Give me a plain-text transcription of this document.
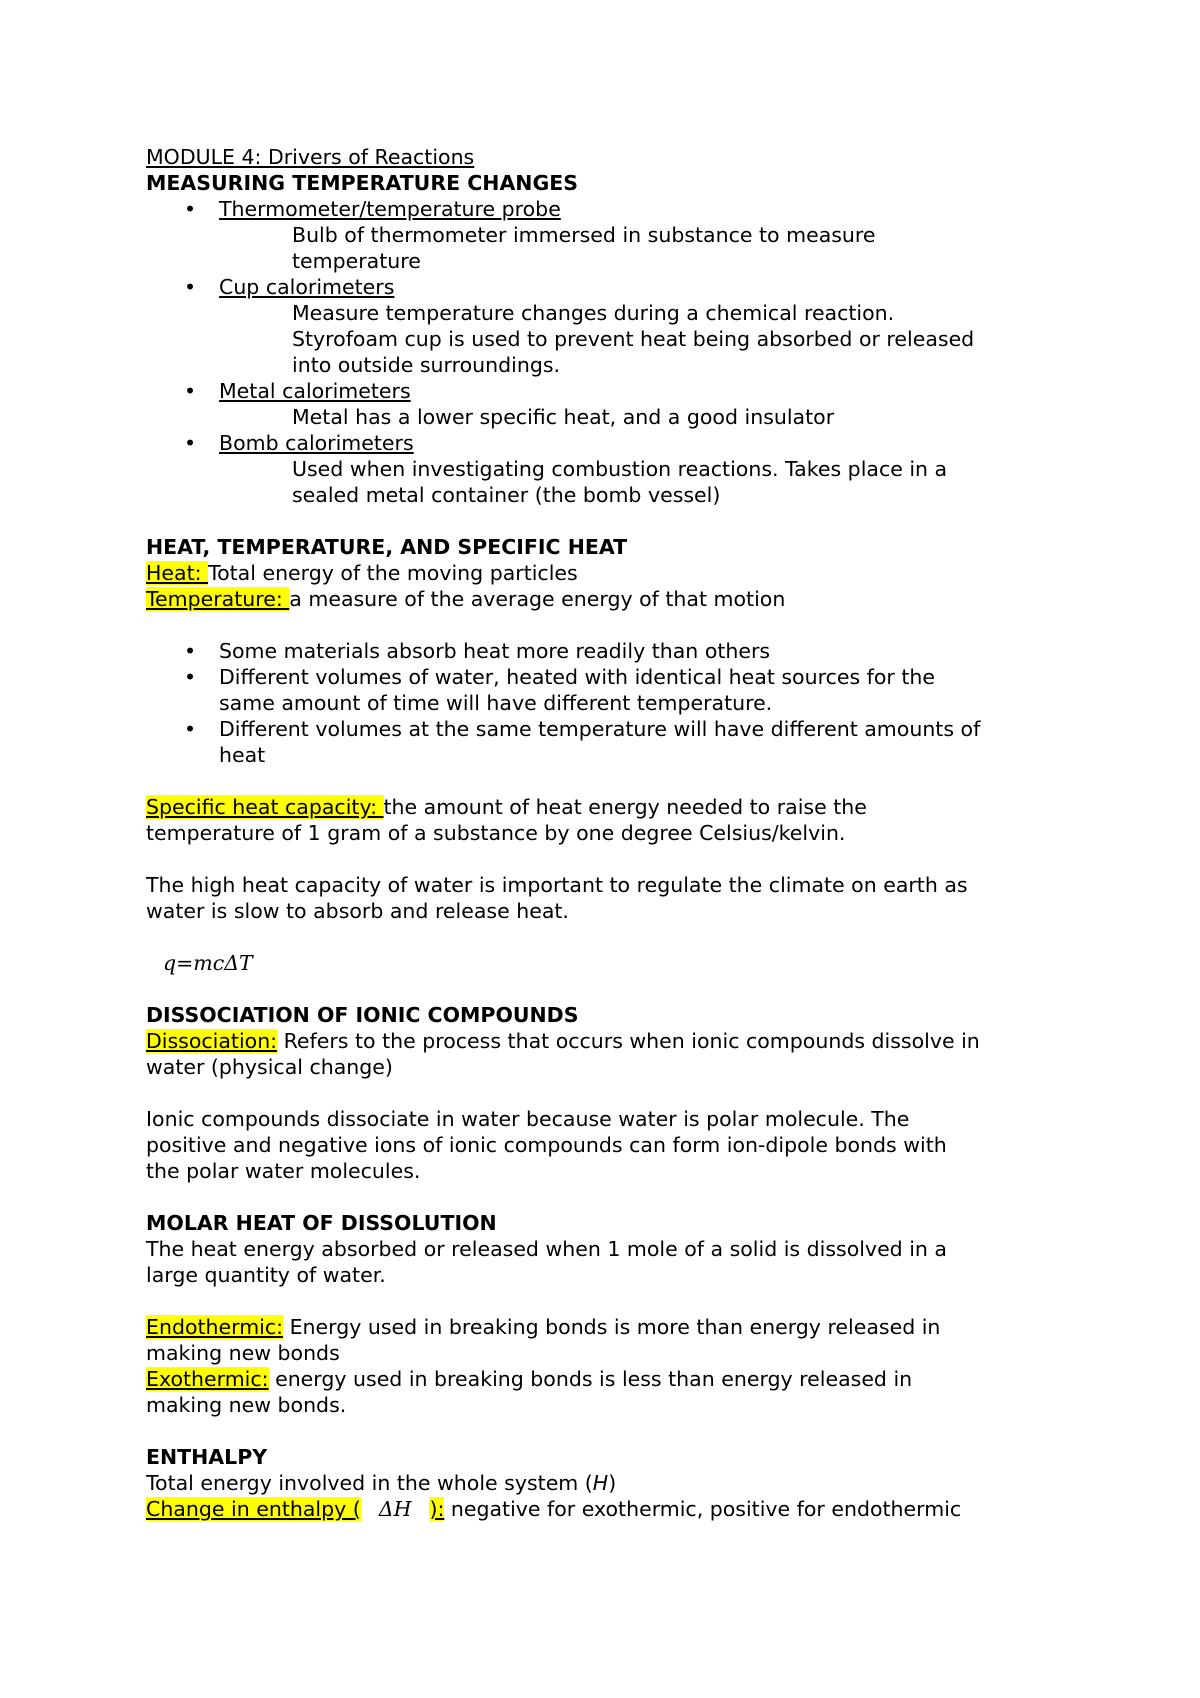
MODULE 4: Drivers of Reactions
MEASURING TEMPERATURE CHANGES
• Thermometer/temperature probe
Bulb of thermometer immersed in substance to measure
temperature
• Cup calorimeters
Measure temperature changes during a chemical reaction.
Styrofoam cup is used to prevent heat being absorbed or released
into outside surroundings.
• Metal calorimeters
Metal has a lower specific heat, and a good insulator
• Bomb calorimeters
Used when investigating combustion reactions. Takes place in a
sealed metal container (the bomb vessel)
HEAT, TEMPERATURE, AND SPECIFIC HEAT
Heat: Total energy of the moving particles
Temperature: a measure of the average energy of that motion
• Some materials absorb heat more readily than others
• Different volumes of water, heated with identical heat sources for the
same amount of time will have different temperature.
• Different volumes at the same temperature will have different amounts of
heat
Specific heat capacity: the amount of heat energy needed to raise the
temperature of 1 gram of a substance by one degree Celsius/kelvin.
The high heat capacity of water is important to regulate the climate on earth as
water is slow to absorb and release heat.
q=mcΔT
DISSOCIATION OF IONIC COMPOUNDS
Dissociation: Refers to the process that occurs when ionic compounds dissolve in
water (physical change)
Ionic compounds dissociate in water because water is polar molecule. The
positive and negative ions of ionic compounds can form ion-dipole bonds with
the polar water molecules.
MOLAR HEAT OF DISSOLUTION
The heat energy absorbed or released when 1 mole of a solid is dissolved in a
large quantity of water.
Endothermic: Energy used in breaking bonds is more than energy released in
making new bonds
Exothermic: energy used in breaking bonds is less than energy released in
making new bonds.
ENTHALPY
Total energy involved in the whole system (H)
Change in enthalpy ( ΔH ): negative for exothermic, positive for endothermic
